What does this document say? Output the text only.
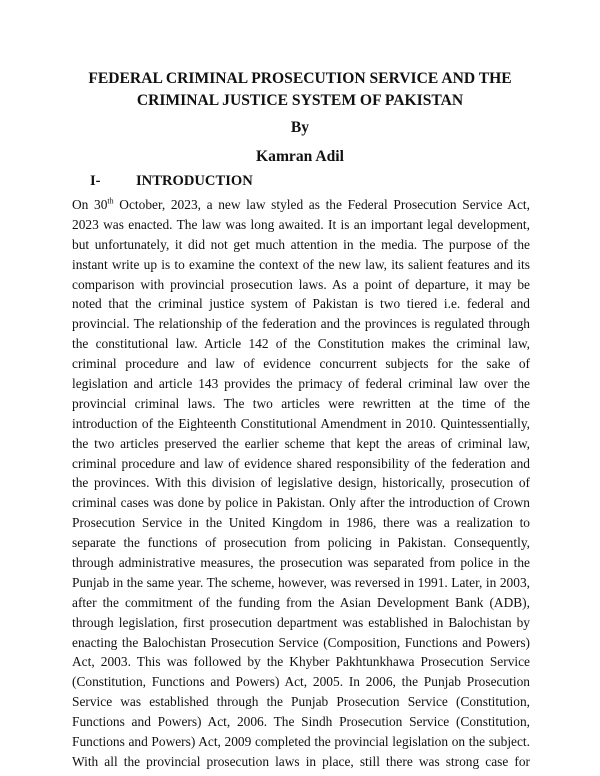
FEDERAL CRIMINAL PROSECUTION SERVICE AND THE
CRIMINAL JUSTICE SYSTEM OF PAKISTAN
By
Kamran Adil
I- INTRODUCTION
On 30th October, 2023, a new law styled as the Federal Prosecution Service Act,
2023 was enacted. The law was long awaited. It is an important legal development,
but unfortunately, it did not get much attention in the media. The purpose of the
instant write up is to examine the context of the new law, its salient features and its
comparison with provincial prosecution laws. As a point of departure, it may be
noted that the criminal justice system of Pakistan is two tiered i.e. federal and
provincial. The relationship of the federation and the provinces is regulated through
the constitutional law. Article 142 of the Constitution makes the criminal law,
criminal procedure and law of evidence concurrent subjects for the sake of
legislation and article 143 provides the primacy of federal criminal law over the
provincial criminal laws. The two articles were rewritten at the time of the
introduction of the Eighteenth Constitutional Amendment in 2010. Quintessentially,
the two articles preserved the earlier scheme that kept the areas of criminal law,
criminal procedure and law of evidence shared responsibility of the federation and
the provinces. With this division of legislative design, historically, prosecution of
criminal cases was done by police in Pakistan. Only after the introduction of Crown
Prosecution Service in the United Kingdom in 1986, there was a realization to
separate the functions of prosecution from policing in Pakistan. Consequently,
through administrative measures, the prosecution was separated from police in the
Punjab in the same year. The scheme, however, was reversed in 1991. Later, in 2003,
after the commitment of the funding from the Asian Development Bank (ADB),
through legislation, first prosecution department was established in Balochistan by
enacting the Balochistan Prosecution Service (Composition, Functions and Powers)
Act, 2003. This was followed by the Khyber Pakhtunkhawa Prosecution Service
(Constitution, Functions and Powers) Act, 2005. In 2006, the Punjab Prosecution
Service was established through the Punjab Prosecution Service (Constitution,
Functions and Powers) Act, 2006. The Sindh Prosecution Service (Constitution,
Functions and Powers) Act, 2009 completed the provincial legislation on the subject.
With all the provincial prosecution laws in place, still there was strong case for
